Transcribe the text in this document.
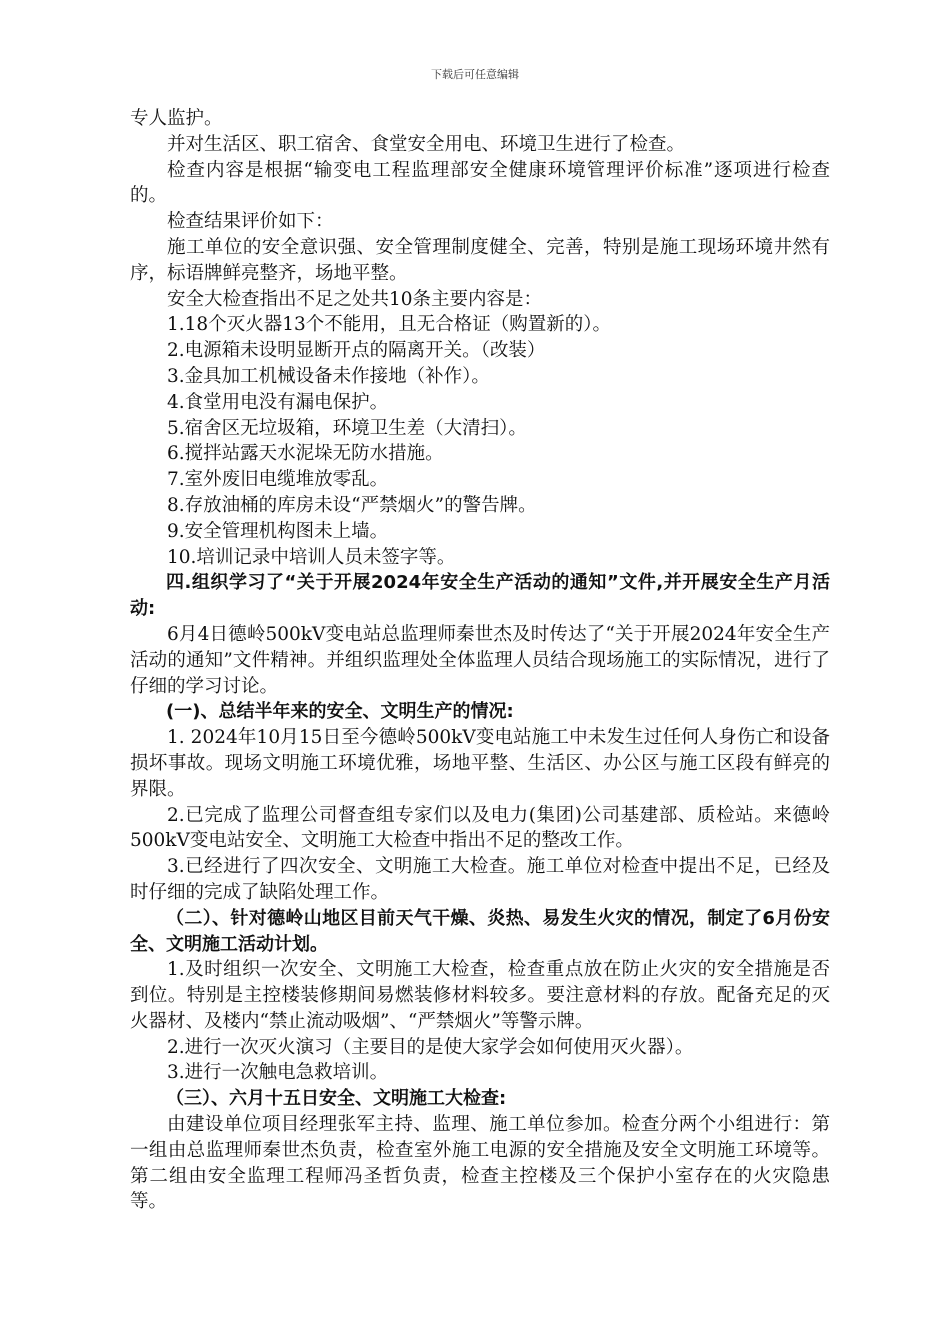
下载后可任意编辑

专人监护。

并对生活区、职工宿舍、食堂安全用电、环境卫生进行了检查。

检查内容是根据“输变电工程监理部安全健康环境管理评价标准”逐项进行检查的。

检查结果评价如下：

施工单位的安全意识强、安全管理制度健全、完善，特别是施工现场环境井然有序，标语牌鲜亮整齐，场地平整。

安全大检查指出不足之处共10条主要内容是：

1.18个灭火器13个不能用，且无合格证（购置新的）。

2.电源箱未设明显断开点的隔离开关。（改装）

3.金具加工机械设备未作接地（补作）。

4.食堂用电没有漏电保护。

5.宿舍区无垃圾箱，环境卫生差（大清扫）。

6.搅拌站露天水泥垛无防水措施。

7.室外废旧电缆堆放零乱。

8.存放油桶的库房未设“严禁烟火”的警告牌。

9.安全管理机构图未上墙。

10.培训记录中培训人员未签字等。

四.组织学习了“关于开展2024年安全生产活动的通知”文件,并开展安全生产月活动:

6月4日德岭500kV变电站总监理师秦世杰及时传达了“关于开展2024年安全生产活动的通知”文件精神。并组织监理处全体监理人员结合现场施工的实际情况，进行了仔细的学习讨论。

(一)、总结半年来的安全、文明生产的情况:

1. 2024年10月15日至今德岭500kV变电站施工中未发生过任何人身伤亡和设备损坏事故。现场文明施工环境优雅，场地平整、生活区、办公区与施工区段有鲜亮的界限。

2.已完成了监理公司督查组专家们以及电力(集团)公司基建部、质检站。来德岭500kV变电站安全、文明施工大检查中指出不足的整改工作。

3.已经进行了四次安全、文明施工大检查。施工单位对检查中提出不足，已经及时仔细的完成了缺陷处理工作。

（二）、针对德岭山地区目前天气干燥、炎热、易发生火灾的情况，制定了6月份安全、文明施工活动计划。

1.及时组织一次安全、文明施工大检查，检查重点放在防止火灾的安全措施是否到位。特别是主控楼装修期间易燃装修材料较多。要注意材料的存放。配备充足的灭火器材、及楼内“禁止流动吸烟”、“严禁烟火”等警示牌。

2.进行一次灭火演习（主要目的是使大家学会如何使用灭火器）。

3.进行一次触电急救培训。

（三）、六月十五日安全、文明施工大检查:

由建设单位项目经理张军主持、监理、施工单位参加。检查分两个小组进行：第一组由总监理师秦世杰负责，检查室外施工电源的安全措施及安全文明施工环境等。第二组由安全监理工程师冯圣哲负责，检查主控楼及三个保护小室存在的火灾隐患等。
